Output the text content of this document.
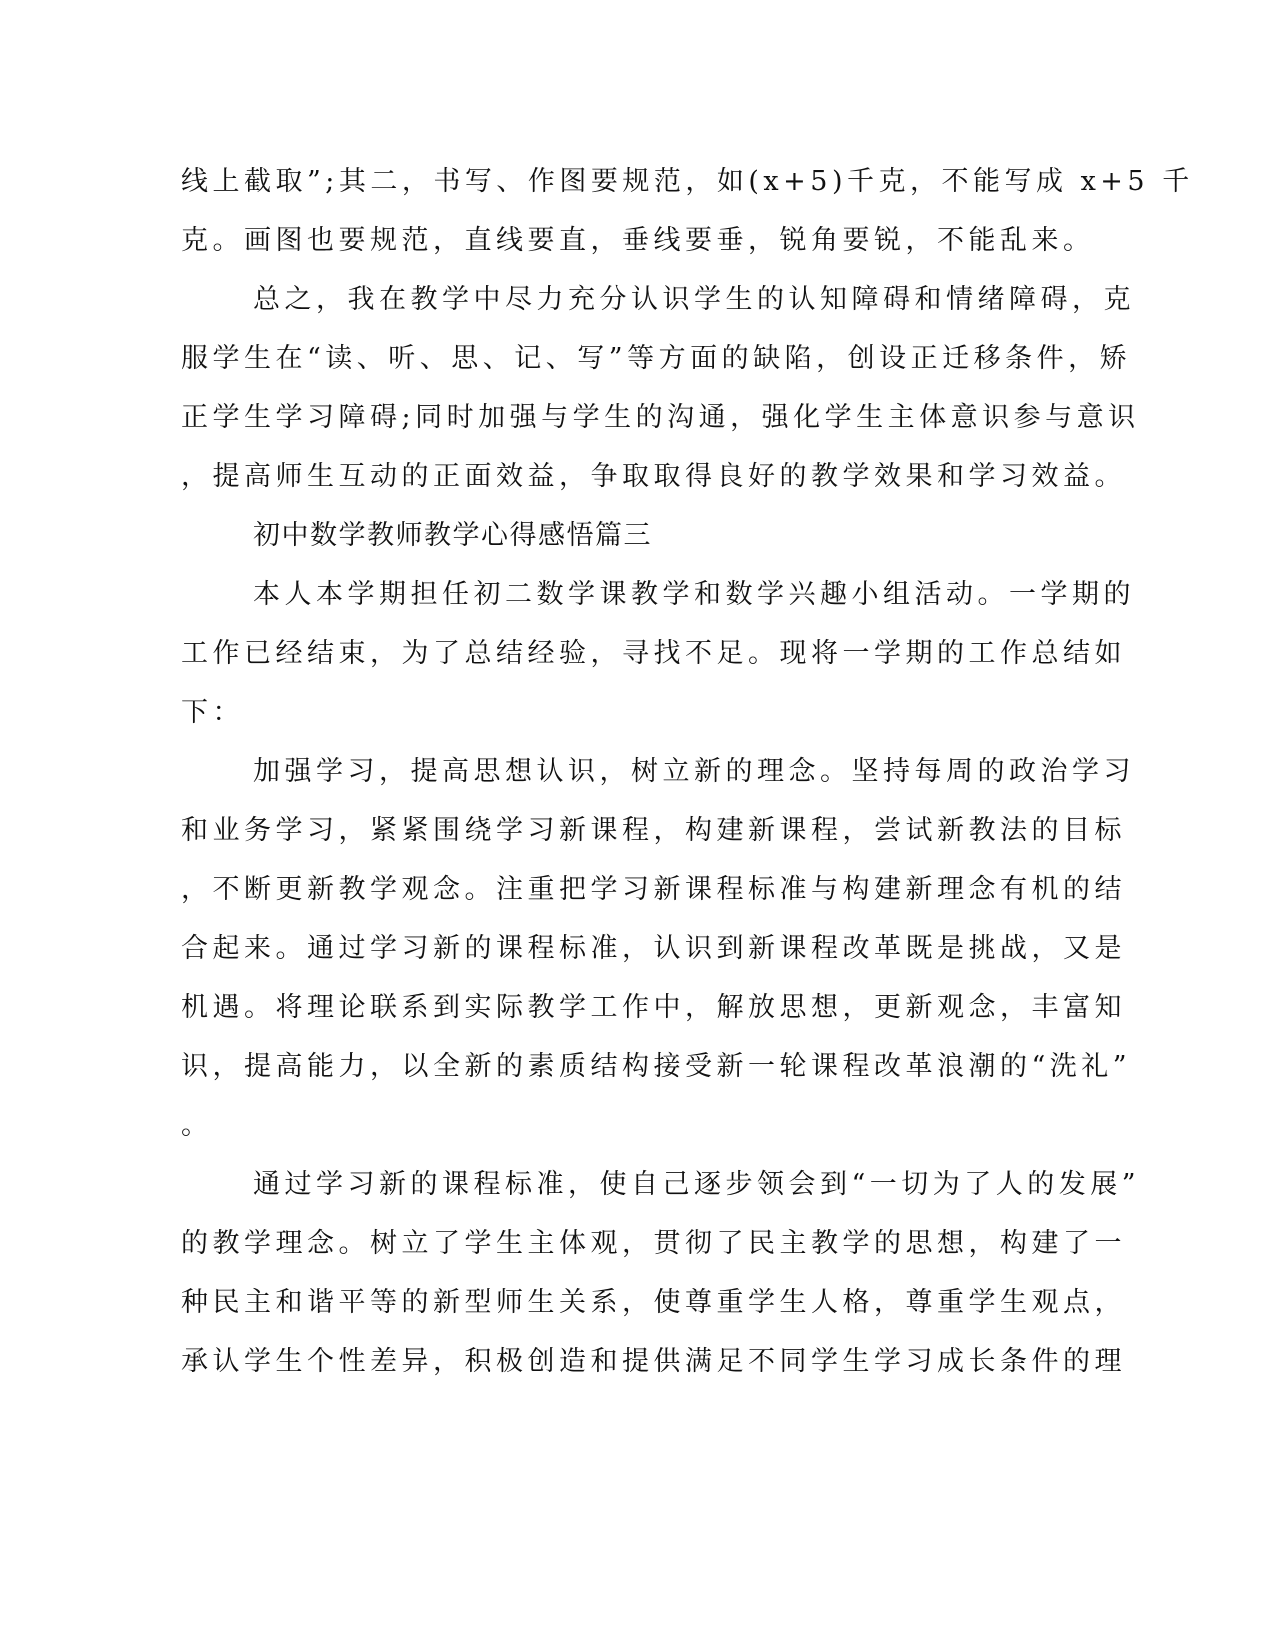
线上截取”;其二，书写、作图要规范，如(x+5)千克，不能写成 x+5 千

克。画图也要规范，直线要直，垂线要垂，锐角要锐，不能乱来。

总之，我在教学中尽力充分认识学生的认知障碍和情绪障碍，克

服学生在“读、听、思、记、写”等方面的缺陷，创设正迁移条件，矫

正学生学习障碍;同时加强与学生的沟通，强化学生主体意识参与意识

，提高师生互动的正面效益，争取取得良好的教学效果和学习效益。

初中数学教师教学心得感悟篇三

本人本学期担任初二数学课教学和数学兴趣小组活动。一学期的

工作已经结束，为了总结经验，寻找不足。现将一学期的工作总结如

下：

加强学习，提高思想认识，树立新的理念。坚持每周的政治学习

和业务学习，紧紧围绕学习新课程，构建新课程，尝试新教法的目标

，不断更新教学观念。注重把学习新课程标准与构建新理念有机的结

合起来。通过学习新的课程标准，认识到新课程改革既是挑战，又是

机遇。将理论联系到实际教学工作中，解放思想，更新观念，丰富知

识，提高能力，以全新的素质结构接受新一轮课程改革浪潮的“洗礼”

。

通过学习新的课程标准，使自己逐步领会到“一切为了人的发展”

的教学理念。树立了学生主体观，贯彻了民主教学的思想，构建了一

种民主和谐平等的新型师生关系，使尊重学生人格，尊重学生观点，

承认学生个性差异，积极创造和提供满足不同学生学习成长条件的理
